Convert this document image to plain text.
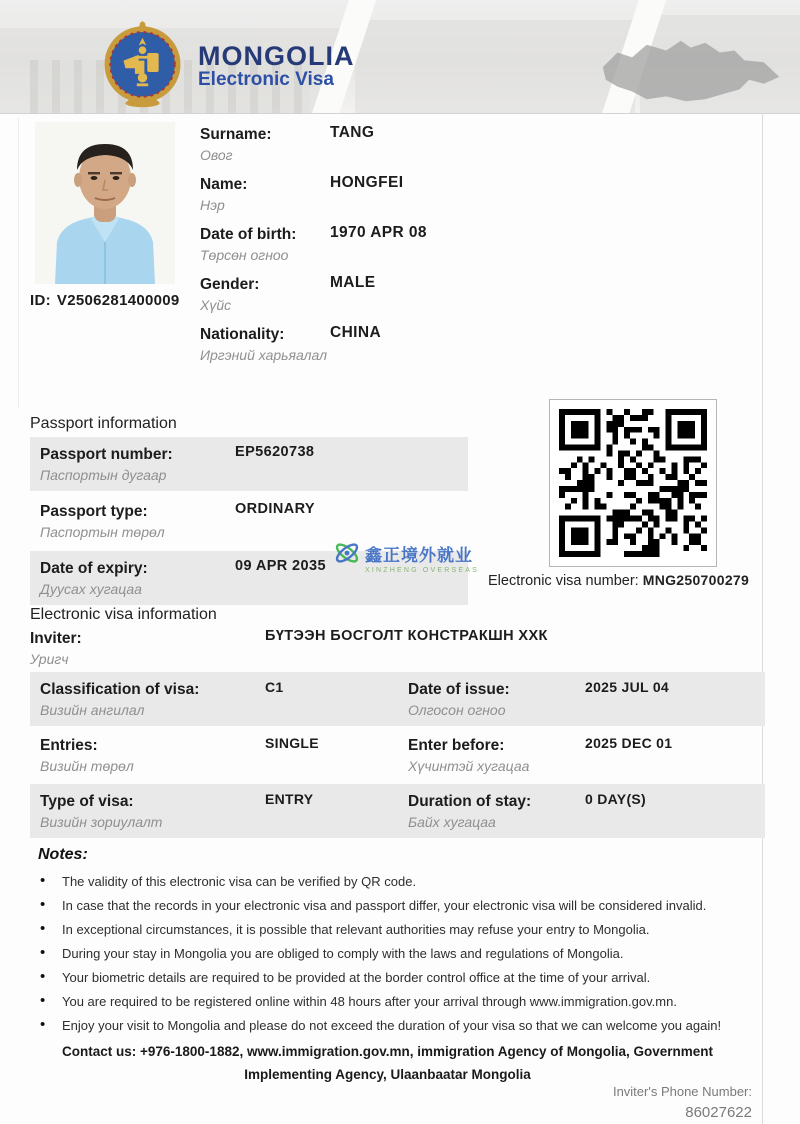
MONGOLIA
Electronic Visa
ID: V2506281400009
Surname:
Овог
TANG
Name:
Нэр
HONGFEI
Date of birth:
Төрсөн огноо
1970 APR 08
Gender:
Хүйс
MALE
Nationality:
Иргэний харьяалал
CHINA
Passport information
Passport number:
Паспортын дугаар
EP5620738
Passport type:
Паспортын төрөл
ORDINARY
Date of expiry:
Дуусах хугацаа
09 APR 2035
鑫正境外就业
XINZHENG OVERSEAS
Electronic visa number: MNG250700279
Electronic visa information
Inviter:
Уригч
БҮТЭЭН БОСГОЛТ КОНСТРАКШН ХХК
Classification of visa:
Визийн ангилал
C1	Date of issue:
Олгосон огноо
2025 JUL 04
Entries:
Визийн төрөл
SINGLE	Enter before:
Хүчинтэй хугацаа
2025 DEC 01
Type of visa:
Визийн зориулалт
ENTRY	Duration of stay:
Байх хугацаа
0 DAY(S)
Notes:
• The validity of this electronic visa can be verified by QR code.
• In case that the records in your electronic visa and passport differ, your electronic visa will be considered invalid.
• In exceptional circumstances, it is possible that relevant authorities may refuse your entry to Mongolia.
• During your stay in Mongolia you are obliged to comply with the laws and regulations of Mongolia.
• Your biometric details are required to be provided at the border control office at the time of your arrival.
• You are required to be registered online within 48 hours after your arrival through www.immigration.gov.mn.
• Enjoy your visit to Mongolia and please do not exceed the duration of your visa so that we can welcome you again!
Contact us: +976-1800-1882, www.immigration.gov.mn, immigration Agency of Mongolia, Government Implementing Agency, Ulaanbaatar Mongolia
Inviter's Phone Number:
86027622
